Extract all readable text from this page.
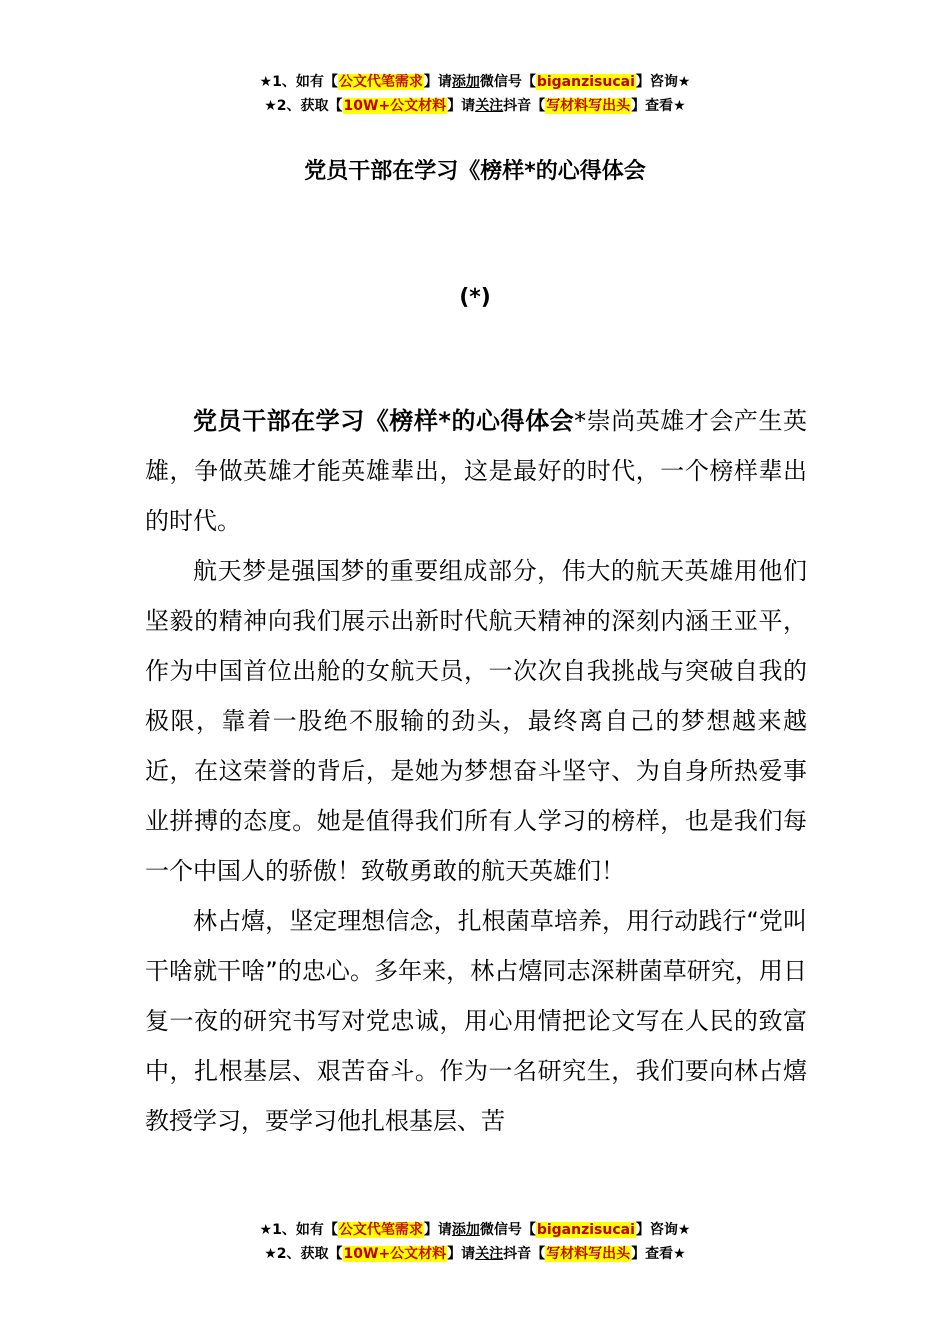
★1、如有【公文代笔需求】请添加微信号【biganzisucai】咨询★
★2、获取【10W+公文材料】请关注抖音【写材料写出头】查看★
党员干部在学习《榜样*的心得体会
(*)

党员干部在学习《榜样*的心得体会*崇尚英雄才会产生英雄，争做英雄才能英雄辈出，这是最好的时代，一个榜样辈出的时代。

航天梦是强国梦的重要组成部分，伟大的航天英雄用他们坚毅的精神向我们展示出新时代航天精神的深刻内涵王亚平，作为中国首位出舱的女航天员，一次次自我挑战与突破自我的极限，靠着一股绝不服输的劲头，最终离自己的梦想越来越近，在这荣誉的背后，是她为梦想奋斗坚守、为自身所热爱事业拼搏的态度。她是值得我们所有人学习的榜样，也是我们每一个中国人的骄傲！致敬勇敢的航天英雄们！

林占熺，坚定理想信念，扎根菌草培养，用行动践行“党叫干啥就干啥”的忠心。多年来，林占熺同志深耕菌草研究，用日复一夜的研究书写对党忠诚，用心用情把论文写在人民的致富中，扎根基层、艰苦奋斗。作为一名研究生，我们要向林占熺教授学习，要学习他扎根基层、苦

★1、如有【公文代笔需求】请添加微信号【biganzisucai】咨询★
★2、获取【10W+公文材料】请关注抖音【写材料写出头】查看★
